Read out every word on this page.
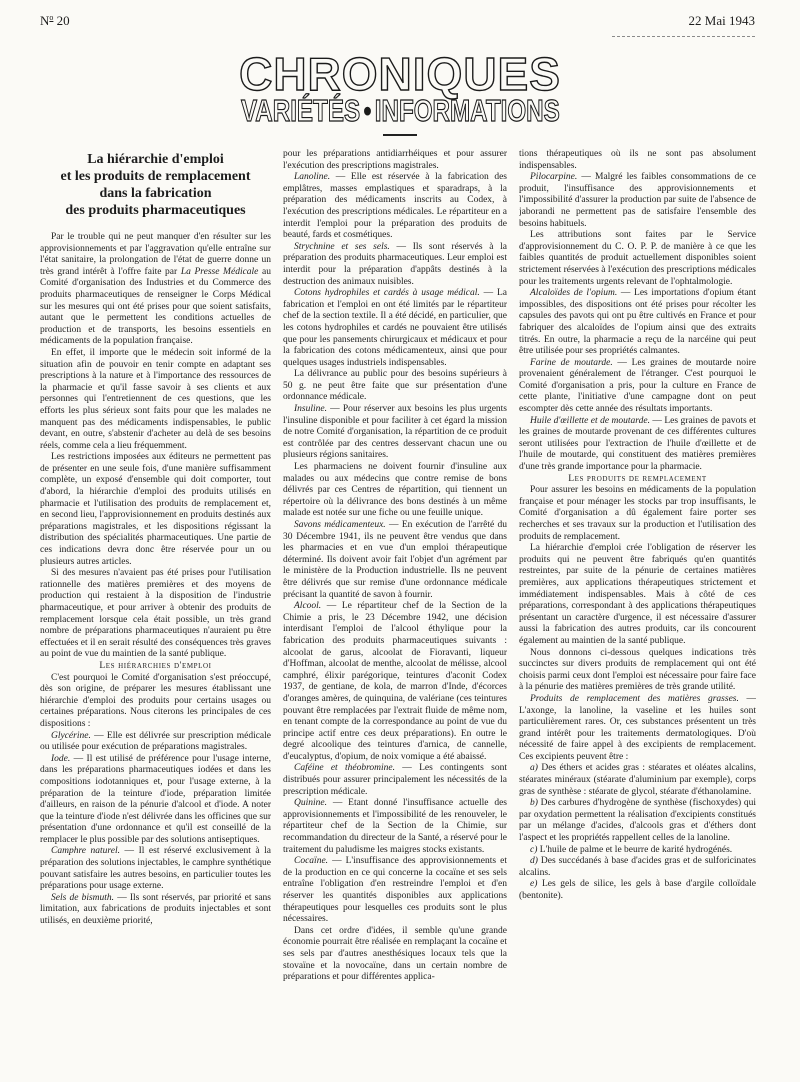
$N^o$ 20	22 Mai 1943
CHRONIQUES
VARIÉTÉS • INFORMATIONS
La hiérarchie d'emploi
et les produits de remplacement
dans la fabrication
des produits pharmaceutiques

Par le trouble qui ne peut manquer d'en résulter sur les approvisionnements et par l'aggravation qu'elle entraîne sur l'état sanitaire, la prolongation de l'état de guerre donne un très grand intérêt à l'offre faite par La Presse Médicale au Comité d'organisation des Industries et du Commerce des produits pharmaceutiques de renseigner le Corps Médical sur les mesures qui ont été prises pour que soient satisfaits, autant que le permettent les conditions actuelles de production et de transports, les besoins essentiels en médicaments de la population française.

En effet, il importe que le médecin soit informé de la situation afin de pouvoir en tenir compte en adaptant ses prescriptions à la nature et à l'importance des ressources de la pharmacie et qu'il fasse savoir à ses clients et aux personnes qui l'entretiennent de ces questions, que les efforts les plus sérieux sont faits pour que les malades ne manquent pas des médicaments indispensables, le public devant, en outre, s'abstenir d'acheter au delà de ses besoins réels, comme cela a lieu fréquemment.

Les restrictions imposées aux éditeurs ne permettent pas de présenter en une seule fois, d'une manière suffisamment complète, un exposé d'ensemble qui doit comporter, tout d'abord, la hiérarchie d'emploi des produits utilisés en pharmacie et l'utilisation des produits de remplacement et, en second lieu, l'approvisionnement en produits destinés aux préparations magistrales, et les dispositions régissant la distribution des spécialités pharmaceutiques. Une partie de ces indications devra donc être réservée pour un ou plusieurs autres articles.

Si des mesures n'avaient pas été prises pour l'utilisation rationnelle des matières premières et des moyens de production qui restaient à la disposition de l'industrie pharmaceutique, et pour arriver à obtenir des produits de remplacement lorsque cela était possible, un très grand nombre de préparations pharmaceutiques n'auraient pu être effectuées et il en serait résulté des conséquences très graves au point de vue du maintien de la santé publique.

Les hiérarchies d'emploi

C'est pourquoi le Comité d'organisation s'est préoccupé, dès son origine, de préparer les mesures établissant une hiérarchie d'emploi des produits pour certains usages ou certaines préparations. Nous citerons les principales de ces dispositions :

Glycérine. — Elle est délivrée sur prescription médicale ou utilisée pour exécution de préparations magistrales.

Iode. — Il est utilisé de préférence pour l'usage interne, dans les préparations pharmaceutiques iodées et dans les compositions iodotanniques et, pour l'usage externe, à la préparation de la teinture d'iode, préparation limitée d'ailleurs, en raison de la pénurie d'alcool et d'iode. A noter que la teinture d'iode n'est délivrée dans les officines que sur présentation d'une ordonnance et qu'il est conseillé de la remplacer le plus possible par des solutions antiseptiques.

Camphre naturel. — Il est réservé exclusivement à la préparation des solutions injectables, le camphre synthétique pouvant satisfaire les autres besoins, en particulier toutes les préparations pour usage externe.

Sels de bismuth. — Ils sont réservés, par priorité et sans limitation, aux fabrications de produits injectables et sont utilisés, en deuxième priorité,

pour les préparations antidiarrhéiques et pour assurer l'exécution des prescriptions magistrales.

Lanoline. — Elle est réservée à la fabrication des emplâtres, masses emplastiques et sparadraps, à la préparation des médicaments inscrits au Codex, à l'exécution des prescriptions médicales. Le répartiteur en a interdit l'emploi pour la préparation des produits de beauté, fards et cosmétiques.

Strychnine et ses sels. — Ils sont réservés à la préparation des produits pharmaceutiques. Leur emploi est interdit pour la préparation d'appâts destinés à la destruction des animaux nuisibles.

Cotons hydrophiles et cardés à usage médical. — La fabrication et l'emploi en ont été limités par le répartiteur chef de la section textile. Il a été décidé, en particulier, que les cotons hydrophiles et cardés ne pouvaient être utilisés que pour les pansements chirurgicaux et médicaux et pour la fabrication des cotons médicamenteux, ainsi que pour quelques usages industriels indispensables.

La délivrance au public pour des besoins supérieurs à 50 g. ne peut être faite que sur présentation d'une ordonnance médicale.

Insuline. — Pour réserver aux besoins les plus urgents l'insuline disponible et pour faciliter à cet égard la mission de notre Comité d'organisation, la répartition de ce produit est contrôlée par des centres desservant chacun une ou plusieurs régions sanitaires.

Les pharmaciens ne doivent fournir d'insuline aux malades ou aux médecins que contre remise de bons délivrés par ces Centres de répartition, qui tiennent un répertoire où la délivrance des bons destinés à un même malade est notée sur une fiche ou une feuille unique.

Savons médicamenteux. — En exécution de l'arrêté du 30 Décembre 1941, ils ne peuvent être vendus que dans les pharmacies et en vue d'un emploi thérapeutique déterminé. Ils doivent avoir fait l'objet d'un agrément par le ministère de la Production industrielle. Ils ne peuvent être délivrés que sur remise d'une ordonnance médicale précisant la quantité de savon à fournir.

Alcool. — Le répartiteur chef de la Section de la Chimie a pris, le 23 Décembre 1942, une décision interdisant l'emploi de l'alcool éthylique pour la fabrication des produits pharmaceutiques suivants : alcoolat de garus, alcoolat de Fioravanti, liqueur d'Hoffman, alcoolat de menthe, alcoolat de mélisse, alcool camphré, élixir parégorique, teintures d'aconit Codex 1937, de gentiane, de kola, de marron d'Inde, d'écorces d'oranges amères, de quinquina, de valériane (ces teintures pouvant être remplacées par l'extrait fluide de même nom, en tenant compte de la correspondance au point de vue du principe actif entre ces deux préparations). En outre le degré alcoolique des teintures d'arnica, de cannelle, d'eucalyptus, d'opium, de noix vomique a été abaissé.

Caféine et théobromine. — Les contingents sont distribués pour assurer principalement les nécessités de la prescription médicale.

Quinine. — Etant donné l'insuffisance actuelle des approvisionnements et l'impossibilité de les renouveler, le répartiteur chef de la Section de la Chimie, sur recommandation du directeur de la Santé, a réservé pour le traitement du paludisme les maigres stocks existants.

Cocaïne. — L'insuffisance des approvisionnements et de la production en ce qui concerne la cocaïne et ses sels entraîne l'obligation d'en restreindre l'emploi et d'en réserver les quantités disponibles aux applications thérapeutiques pour lesquelles ces produits sont le plus nécessaires.

Dans cet ordre d'idées, il semble qu'une grande économie pourrait être réalisée en remplaçant la cocaïne et ses sels par d'autres anesthésiques locaux tels que la stovaïne et la novocaïne, dans un certain nombre de préparations et pour différentes applica-

tions thérapeutiques où ils ne sont pas absolument indispensables.

Pilocarpine. — Malgré les faibles consommations de ce produit, l'insuffisance des approvisionnements et l'impossibilité d'assurer la production par suite de l'absence de jaborandi ne permettent pas de satisfaire l'ensemble des besoins habituels.

Les attributions sont faites par le Service d'approvisionnement du C. O. P. P. de manière à ce que les faibles quantités de produit actuellement disponibles soient strictement réservées à l'exécution des prescriptions médicales pour les traitements urgents relevant de l'ophtalmologie.

Alcaloïdes de l'opium. — Les importations d'opium étant impossibles, des dispositions ont été prises pour récolter les capsules des pavots qui ont pu être cultivés en France et pour fabriquer des alcaloïdes de l'opium ainsi que des extraits titrés. En outre, la pharmacie a reçu de la narcéine qui peut être utilisée pour ses propriétés calmantes.

Farine de moutarde. — Les graines de moutarde noire provenaient généralement de l'étranger. C'est pourquoi le Comité d'organisation a pris, pour la culture en France de cette plante, l'initiative d'une campagne dont on peut escompter dès cette année des résultats importants.

Huile d'œillette et de moutarde. — Les graines de pavots et les graines de moutarde provenant de ces différentes cultures seront utilisées pour l'extraction de l'huile d'œillette et de l'huile de moutarde, qui constituent des matières premières d'une très grande importance pour la pharmacie.

Les produits de remplacement

Pour assurer les besoins en médicaments de la population française et pour ménager les stocks par trop insuffisants, le Comité d'organisation a dû également faire porter ses recherches et ses travaux sur la production et l'utilisation des produits de remplacement.

La hiérarchie d'emploi crée l'obligation de réserver les produits qui ne peuvent être fabriqués qu'en quantités restreintes, par suite de la pénurie de certaines matières premières, aux applications thérapeutiques strictement et immédiatement indispensables. Mais à côté de ces préparations, correspondant à des applications thérapeutiques présentant un caractère d'urgence, il est nécessaire d'assurer aussi la fabrication des autres produits, car ils concourent également au maintien de la santé publique.

Nous donnons ci-dessous quelques indications très succinctes sur divers produits de remplacement qui ont été choisis parmi ceux dont l'emploi est nécessaire pour faire face à la pénurie des matières premières de très grande utilité.

Produits de remplacement des matières grasses. — L'axonge, la lanoline, la vaseline et les huiles sont particulièrement rares. Or, ces substances présentent un très grand intérêt pour les traitements dermatologiques. D'où nécessité de faire appel à des excipients de remplacement. Ces excipients peuvent être :

a) Des éthers et acides gras : stéarates et oléates alcalins, stéarates minéraux (stéarate d'aluminium par exemple), corps gras de synthèse : stéarate de glycol, stéarate d'éthanolamine.

b) Des carbures d'hydrogène de synthèse (fischoxydes) qui par oxydation permettent la réalisation d'excipients constitués par un mélange d'acides, d'alcools gras et d'éthers dont l'aspect et les propriétés rappellent celles de la lanoline.

c) L'huile de palme et le beurre de karité hydrogénés.

d) Des succédanés à base d'acides gras et de sulforicinates alcalins.

e) Les gels de silice, les gels à base d'argile colloïdale (bentonite).
